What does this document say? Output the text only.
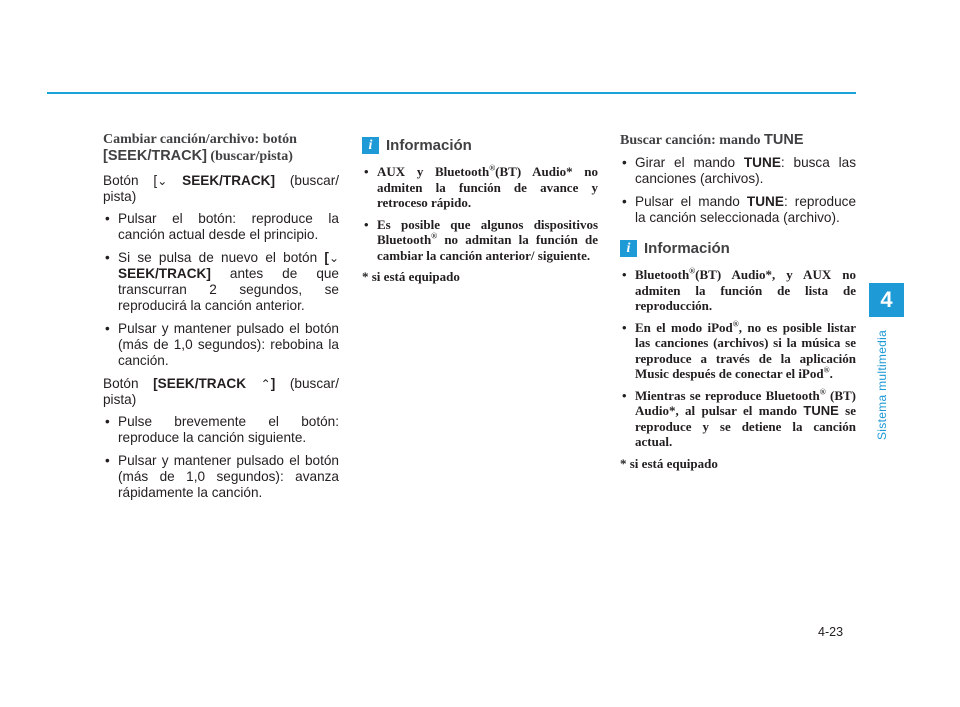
4
Sistema multimedia
4-23

Cambiar canción/archivo: botón
[SEEK/TRACK] (buscar/pista)

Botón [⌄ SEEK/TRACK] (buscar/ pista)

• Pulsar el botón: reproduce la canción actual desde el principio.
• Si se pulsa de nuevo el botón [⌄ SEEK/TRACK] antes de que transcurran 2 segundos, se reproducirá la canción anterior.
• Pulsar y mantener pulsado el botón (más de 1,0 segundos): rebobina la canción.

Botón [SEEK/TRACK ⌃] (buscar/ pista)

• Pulse brevemente el botón: reproduce la canción siguiente.
• Pulsar y mantener pulsado el botón (más de 1,0 segundos): avanza rápidamente la canción.
i Información
• AUX y Bluetooth®(BT) Audio* no admiten la función de avance y retroceso rápido.
• Es posible que algunos dispositivos Bluetooth® no admitan la función de cambiar la canción anterior/ siguiente.

* si está equipado

Buscar canción: mando TUNE

• Girar el mando TUNE: busca las canciones (archivos).
• Pulsar el mando TUNE: reproduce la canción seleccionada (archivo).
i Información
• Bluetooth®(BT) Audio*, y AUX no admiten la función de lista de reproducción.
• En el modo iPod®, no es posible listar las canciones (archivos) si la música se reproduce a través de la aplicación Music después de conectar el iPod®.
• Mientras se reproduce Bluetooth® (BT) Audio*, al pulsar el mando TUNE se reproduce y se detiene la canción actual.

* si está equipado
